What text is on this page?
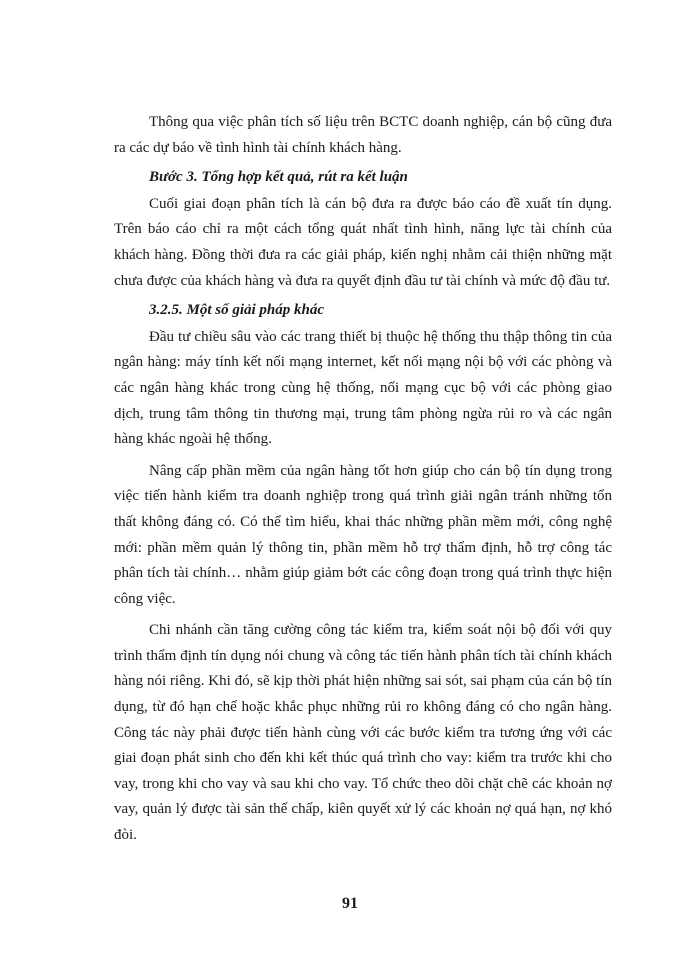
Thông qua việc phân tích số liệu trên BCTC doanh nghiệp, cán bộ cũng đưa ra các dự báo về tình hình tài chính khách hàng.

Bước 3. Tổng hợp kết quả, rút ra kết luận

Cuối giai đoạn phân tích là cán bộ đưa ra được báo cáo đề xuất tín dụng. Trên báo cáo chỉ ra một cách tổng quát nhất tình hình, năng lực tài chính của khách hàng. Đồng thời đưa ra các giải pháp, kiến nghị nhằm cải thiện những mặt chưa được của khách hàng và đưa ra quyết định đầu tư tài chính và mức độ đầu tư.

3.2.5. Một số giải pháp khác

Đầu tư chiều sâu vào các trang thiết bị thuộc hệ thống thu thập thông tin của ngân hàng: máy tính kết nối mạng internet, kết nối mạng nội bộ với các phòng và các ngân hàng khác trong cùng hệ thống, nối mạng cục bộ với các phòng giao dịch, trung tâm thông tin thương mại, trung tâm phòng ngừa rủi ro và các ngân hàng khác ngoài hệ thống.

Nâng cấp phần mềm của ngân hàng tốt hơn giúp cho cán bộ tín dụng trong việc tiến hành kiểm tra doanh nghiệp trong quá trình giải ngân tránh những tổn thất không đáng có. Có thể tìm hiểu, khai thác những phần mềm mới, công nghệ mới: phần mềm quản lý thông tin, phần mềm hỗ trợ thẩm định, hỗ trợ công tác phân tích tài chính… nhằm giúp giảm bớt các công đoạn trong quá trình thực hiện công việc.

Chi nhánh cần tăng cường công tác kiểm tra, kiểm soát nội bộ đối với quy trình thẩm định tín dụng nói chung và công tác tiến hành phân tích tài chính khách hàng nói riêng. Khi đó, sẽ kịp thời phát hiện những sai sót, sai phạm của cán bộ tín dụng, từ đó hạn chế hoặc khắc phục những rủi ro không đáng có cho ngân hàng. Công tác này phải được tiến hành cùng với các bước kiểm tra tương ứng với các giai đoạn phát sinh cho đến khi kết thúc quá trình cho vay: kiểm tra trước khi cho vay, trong khi cho vay và sau khi cho vay. Tổ chức theo dõi chặt chẽ các khoản nợ vay, quản lý được tài sản thế chấp, kiên quyết xử lý các khoản nợ quá hạn, nợ khó đòi.

91
